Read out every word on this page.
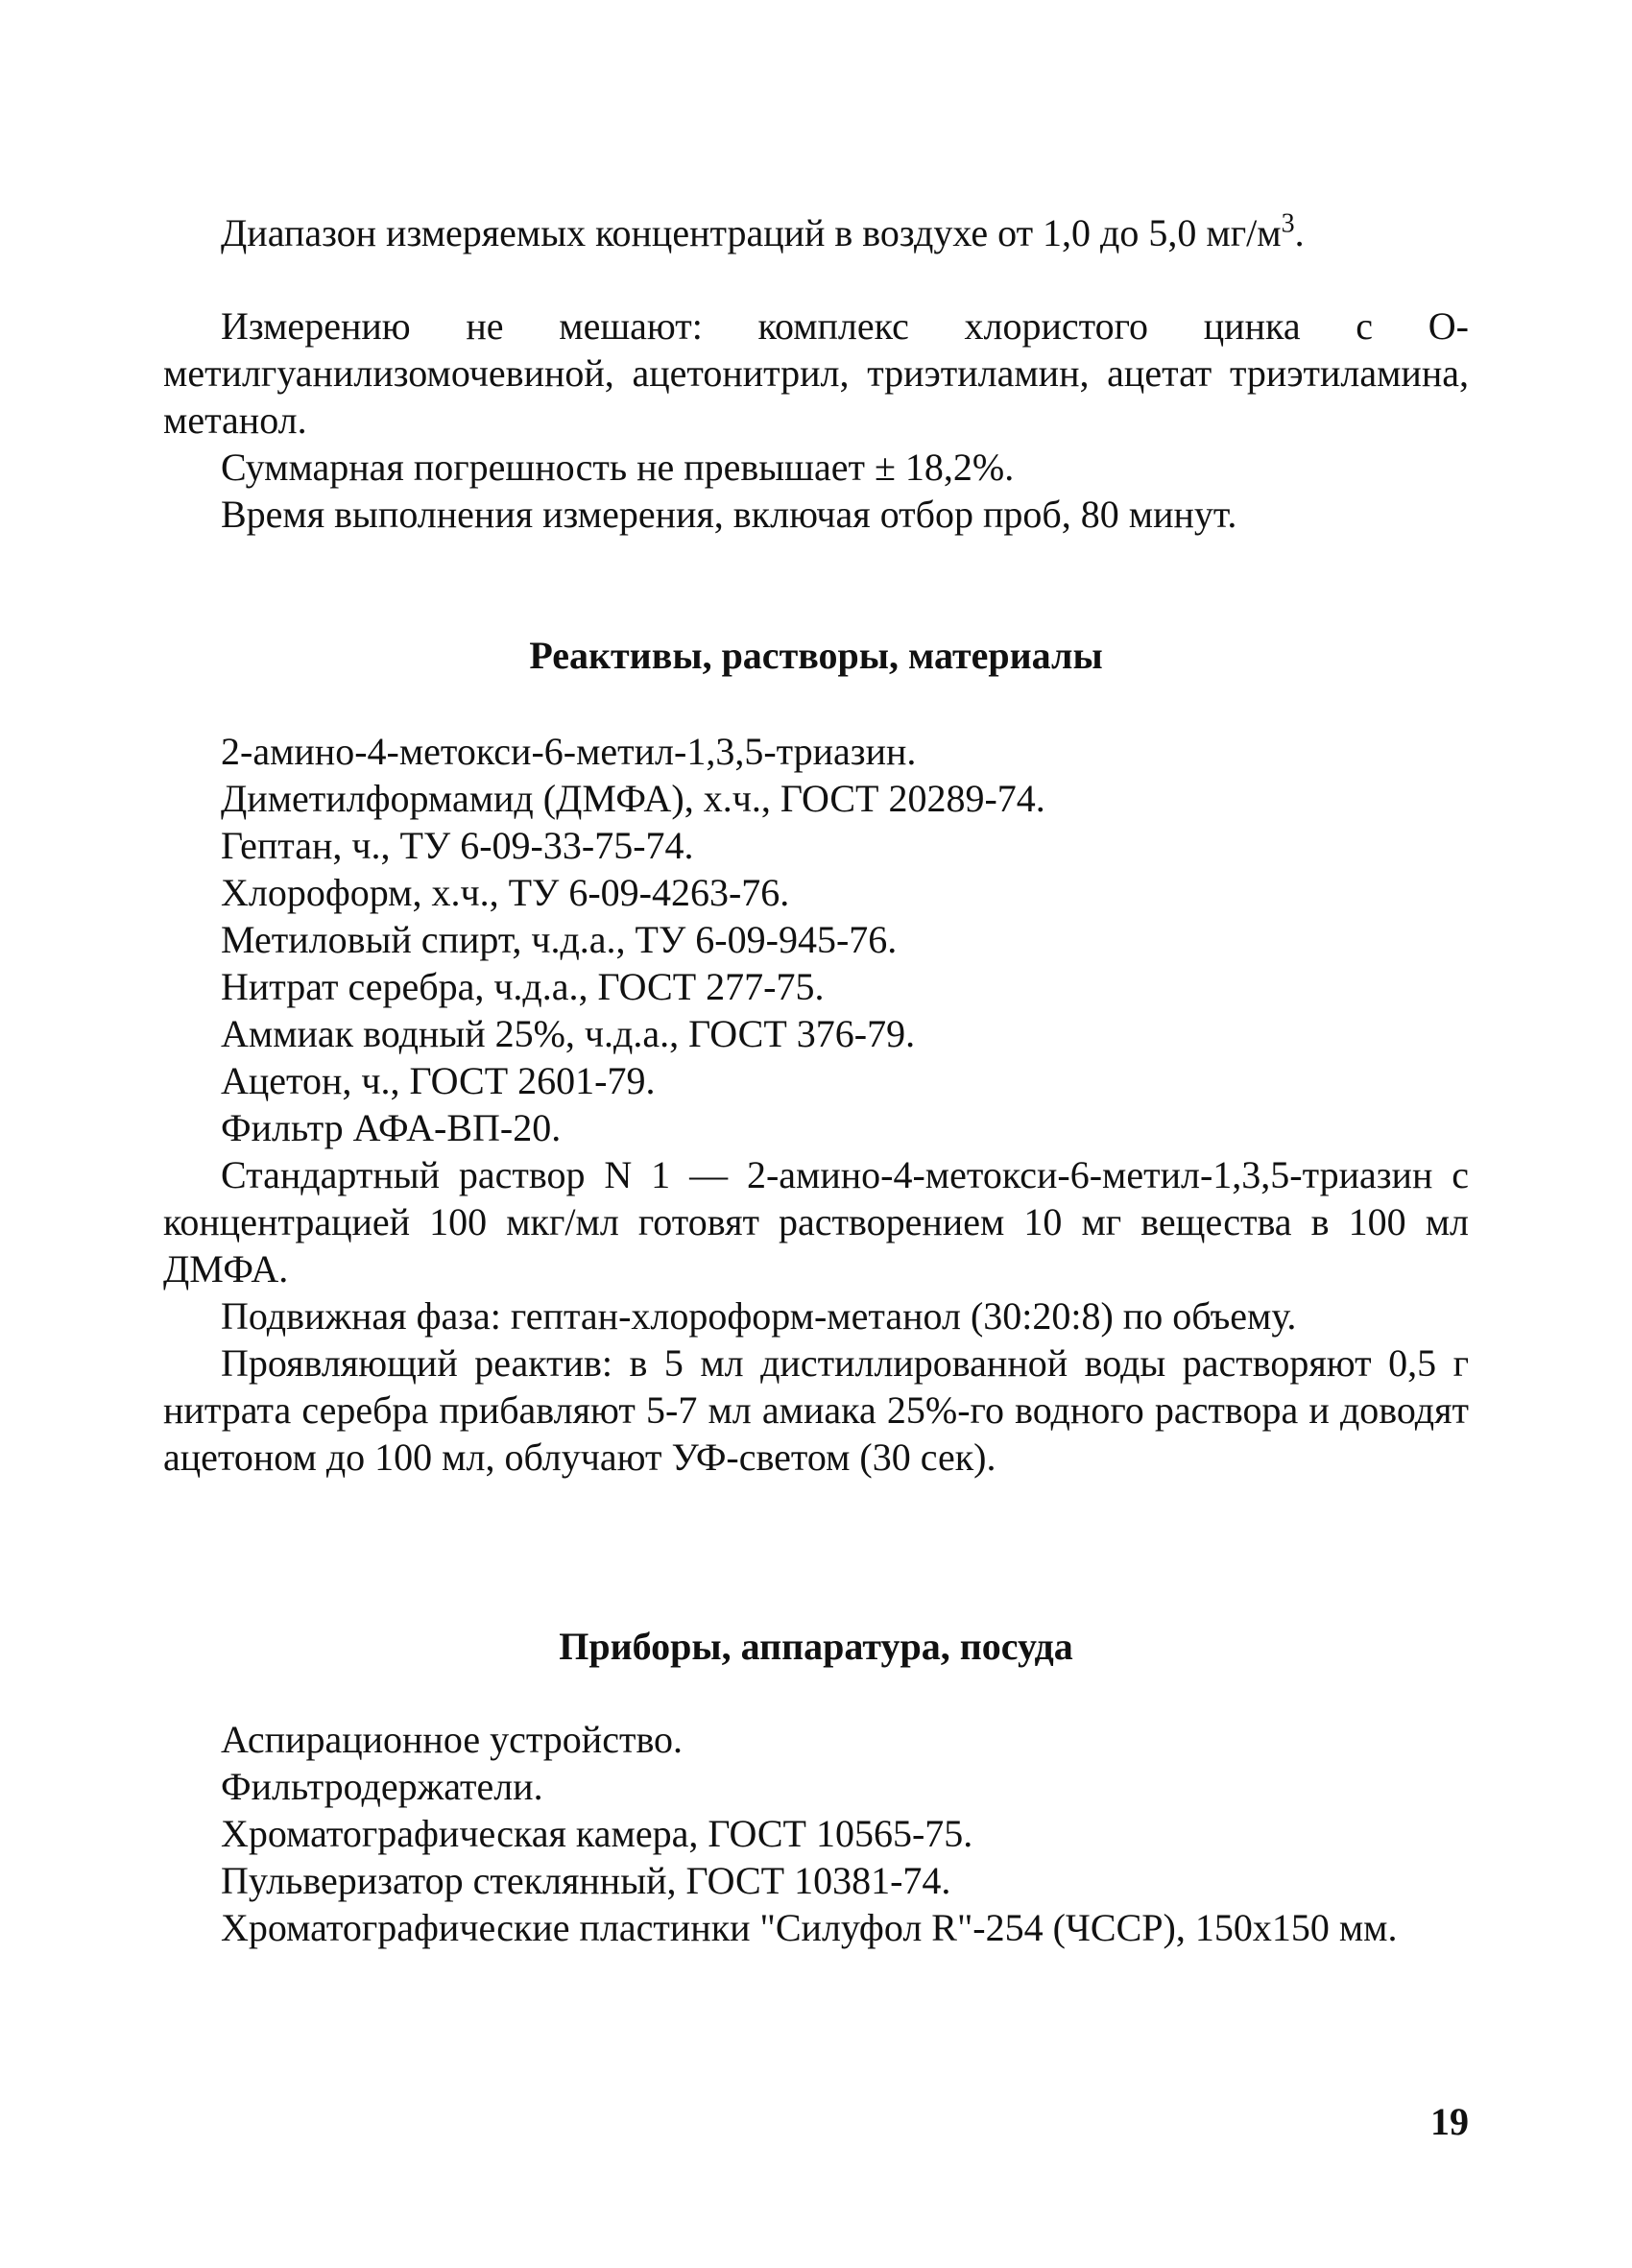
Диапазон измеряемых концентраций в воздухе от 1,0 до 5,0 $мг/м^3$.

Измерению не мешают: комплекс хлористого цинка с О-метилгуанилизомочевиной, ацетонитрил, триэтиламин, ацетат триэтиламина, метанол.

Суммарная погрешность не превышает ± 18,2%.

Время выполнения измерения, включая отбор проб, 80 минут.

Реактивы, растворы, материалы

2-амино-4-метокси-6-метил-1,3,5-триазин.

Диметилформамид (ДМФА), х.ч., ГОСТ 20289-74.

Гептан, ч., ТУ 6-09-33-75-74.

Хлороформ, х.ч., ТУ 6-09-4263-76.

Метиловый спирт, ч.д.а., ТУ 6-09-945-76.

Нитрат серебра, ч.д.а., ГОСТ 277-75.

Аммиак водный 25%, ч.д.а., ГОСТ 376-79.

Ацетон, ч., ГОСТ 2601-79.

Фильтр АФА-ВП-20.

Стандартный раствор N 1 — 2-амино-4-метокси-6-метил-1,3,5-триазин с концентрацией 100 мкг/мл готовят растворением 10 мг вещества в 100 мл ДМФА.

Подвижная фаза: гептан-хлороформ-метанол (30:20:8) по объему.

Проявляющий реактив: в 5 мл дистиллированной воды растворяют 0,5 г нитрата серебра прибавляют 5-7 мл амиака 25%-го водного раствора и доводят ацетоном до 100 мл, облучают УФ-светом (30 сек).

Приборы, аппаратура, посуда

Аспирационное устройство.

Фильтродержатели.

Хроматографическая камера, ГОСТ 10565-75.

Пульверизатор стеклянный, ГОСТ 10381-74.

Хроматографические пластинки "Силуфол R"-254 (ЧССР), 150x150 мм.

19
